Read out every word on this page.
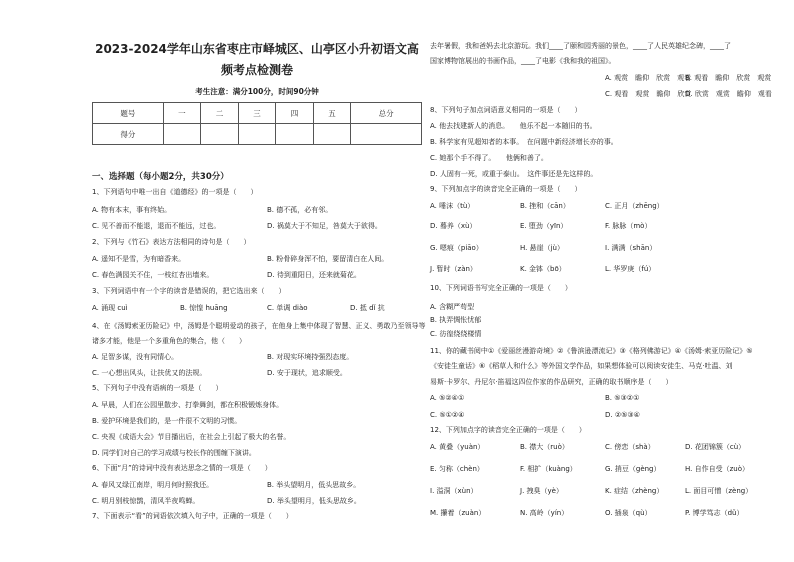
2023-2024学年山东省枣庄市峄城区、山亭区小升初语文高
频考点检测卷
考生注意：满分100分，时间90分钟
题号	一	二	三	四	五	总分
得分						
一、选择题（每小题2分，共30分）
1、下列语句中唯一出自《道德经》的一项是（　　）
A. 物有本末，事有终始。	B. 德不孤，必有邻。
C. 见不善而不能退，退而不能远，过也。	D. 祸莫大于不知足，咎莫大于欲得。
2、下列与《竹石》表达方法相同的诗句是（　　）
A. 遥知不是雪，为有暗香来。	B. 粉骨碎身浑不怕，要留清白在人间。
C. 春色满园关不住，一枝红杏出墙来。	D. 待到重阳日，还来就菊花。
3、下列词语中有一个字的读音是错误的，把它选出来（　　）
A. 涌现 cuì	B. 惊惶 huāng	C. 单调 diào	D. 抵 dǐ 抗
4、在《汤姆索亚历险记》中，汤姆是个聪明爱动的孩子，在他身上集中体现了智慧、正义、勇敢乃至领导等
诸多才能，他是一个多重角色的集合，他（　　）
A. 足智多谋，没有同情心。	B. 对现实环境持强烈态度。
C. 一心想出风头，让扶优又的法规。	D. 安于现状，追求顺受。
5、下列句子中没有语病的一项是（　　）
A. 早晨，人们在公园里散步、打拳舞剑，都在积极锻炼身体。
B. 爱护环境是我们的，是一件很不文明的习惯。
C. 央视《成语大会》节目播出后，在社会上引起了极大的名誉。
D. 同学们对自己的学习成绩与校长作的围缠下演讲。
6、下面“月”的诗词中没有表达思念之情的一项是（　　）
A. 春风又绿江南岸，明月何时照我还。	B. 举头望明月，低头思故乡。
C. 明月别枝惊鹊，清风半夜鸣蝉。	D. 举头望明月，低头思故乡。
7、下面表示“看”的词语依次填入句子中，正确的一项是（　　）
去年暑假，我和爸妈去北京游玩。我们____了颐和园秀丽的景色，____了人民英雄纪念碑，____了
国家博物馆展出的书画作品，____了电影《我和我的祖国》。
A. 观赏　瞻仰　欣赏　观看
B. 观看　瞻仰　欣赏　观赏
C. 观看　观赏　瞻仰　欣赏
D. 欣赏　观赏　瞻仰　观看
8、下列句子加点词语意义相同的一项是（　　）
A. 他去找建新人的消息。　　他乐不起一本随旧的书。
B. 科学家有见超知者的本事。　在问题中新经济增长亦的事。
C. 她那个手不得了。　　他俩和善了。
D. 人固有一死，或重于泰山。　这件事还是先这样的。
9、下列加点字的读音完全正确的一项是（　　）
A. 唾沫（tù）	B. 挫和（cān）	C. 正月（zhēng）
D. 蓦养（xù）	E. 堕劲（yīn）	F. 脉脉（mò）
G. 嗯痕（piāo）	H. 悬崖（jù）	I. 满满（shān）
J. 暂时（zàn）	K. 金钵（bō）	L. 华罗庚（fú）
10、下列词语书写完全正确的一项是（　　）
A. 含糊严苟型
B. 执弄惆怅忧郁
C. 彷徨绕绕楼情
11、你的藏书阅中①《爱丽丝漫游奇境》②《鲁滨逊漂流记》③《格列佛游记》④《汤姆·索亚历险记》⑤
《安徒生童话》⑥《稻草人和什么》等外国文学作品，如果想体验可以阅读安徒生、马克·吐温、刘
易斯·卡罗尔、丹尼尔·笛福这四位作家的作品研究，正确的取书顺序是（　　）
A. ⑤②④①	B. ⑤③②①
C. ⑤①②④	D. ②⑤③④
12、下列加点字的读音完全正确的一项是（　　）
A. 黄叠（yuàn）	B. 襟大（ruò）	C. 傍恋（shà）	D. 花团锦簇（cù）
E. 匀称（chèn）	F. 相扩（kuàng）	G. 捎豆（gèng）	H. 自作自受（zuò）
I. 溢洞（xùn）	J. 拽臭（yè）	K. 症结（zhèng）	L. 面目可憎（zèng）
M. 攥着（zuàn）	N. 高岭（yín）	O. 插泉（qù）	P. 博学笃志（dǔ）
